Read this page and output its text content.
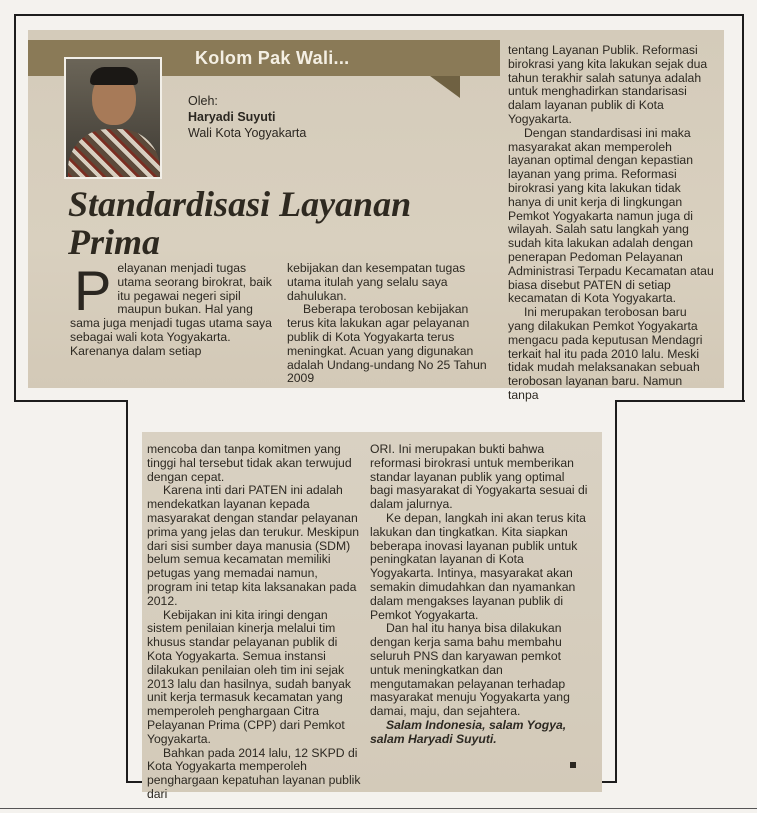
Kolom Pak Wali...
Oleh:
Haryadi Suyuti
Wali Kota Yogyakarta
Standardisasi Layanan Prima
P elayanan menjadi tugas utama seorang birokrat, baik itu pegawai negeri sipil maupun bukan. Hal yang sama juga menjadi tugas utama saya sebagai wali kota Yogyakarta. Karenanya dalam setiap

kebijakan dan kesempatan tugas utama itulah yang selalu saya dahulukan.

Beberapa terobosan kebijakan terus kita lakukan agar pelayanan publik di Kota Yogyakarta terus meningkat. Acuan yang digunakan adalah Undang-undang No 25 Tahun 2009

tentang Layanan Publik. Reformasi birokrasi yang kita lakukan sejak dua tahun terakhir salah satunya adalah untuk menghadirkan standarisasi dalam layanan publik di Kota Yogyakarta.

Dengan standardisasi ini maka masyarakat akan memperoleh layanan optimal dengan kepastian layanan yang prima. Reformasi birokrasi yang kita lakukan tidak hanya di unit kerja di lingkungan Pemkot Yogyakarta namun juga di wilayah. Salah satu langkah yang sudah kita lakukan adalah dengan penerapan Pedoman Pelayanan Administrasi Terpadu Kecamatan atau biasa disebut PATEN di setiap kecamatan di Kota Yogyakarta.

Ini merupakan terobosan baru yang dilakukan Pemkot Yogyakarta mengacu pada keputusan Mendagri terkait hal itu pada 2010 lalu. Meski tidak mudah melaksanakan sebuah terobosan layanan baru. Namun tanpa

mencoba dan tanpa komitmen yang tinggi hal tersebut tidak akan terwujud dengan cepat.

Karena inti dari PATEN ini adalah mendekatkan layanan kepada masyarakat dengan standar pelayanan prima yang jelas dan terukur. Meskipun dari sisi sumber daya manusia (SDM) belum semua kecamatan memiliki petugas yang memadai namun, program ini tetap kita laksanakan pada 2012.

Kebijakan ini kita iringi dengan sistem penilaian kinerja melalui tim khusus standar pelayanan publik di Kota Yogyakarta. Semua instansi dilakukan penilaian oleh tim ini sejak 2013 lalu dan hasilnya, sudah banyak unit kerja termasuk kecamatan yang memperoleh penghargaan Citra Pelayanan Prima (CPP) dari Pemkot Yogyakarta.

Bahkan pada 2014 lalu, 12 SKPD di Kota Yogyakarta memperoleh penghargaan kepatuhan layanan publik dari

ORI. Ini merupakan bukti bahwa reformasi birokrasi untuk memberikan standar layanan publik yang optimal bagi masyarakat di Yogyakarta sesuai di dalam jalurnya.

Ke depan, langkah ini akan terus kita lakukan dan tingkatkan. Kita siapkan beberapa inovasi layanan publik untuk peningkatan layanan di Kota Yogyakarta. Intinya, masyarakat akan semakin dimudahkan dan nyamankan dalam mengakses layanan publik di Pemkot Yogyakarta.

Dan hal itu hanya bisa dilakukan dengan kerja sama bahu membahu seluruh PNS dan karyawan pemkot untuk meningkatkan dan mengutamakan pelayanan terhadap masyarakat menuju Yogyakarta yang damai, maju, dan sejahtera.

Salam Indonesia, salam Yogya, salam Haryadi Suyuti.
